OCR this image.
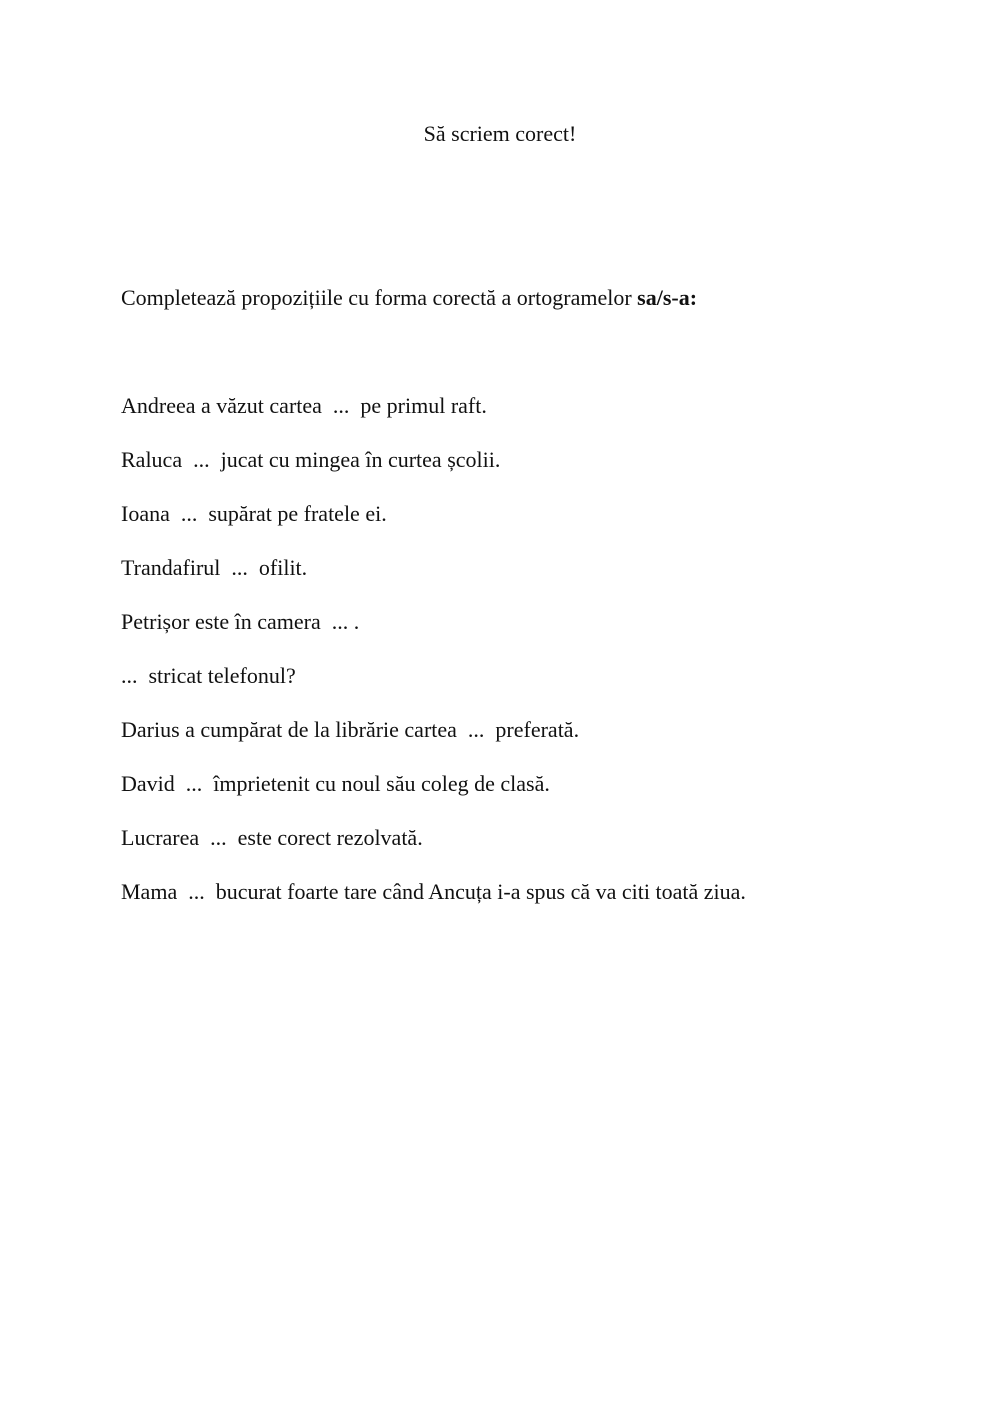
Să scriem corect!

Completează propozițiile cu forma corectă a ortogramelor sa/s-a:

Andreea a văzut cartea  ...  pe primul raft.
Raluca  ...  jucat cu mingea în curtea școlii.
Ioana  ...  supărat pe fratele ei.
Trandafirul  ...  ofilit.
Petrișor este în camera  ... .
...  stricat telefonul?
Darius a cumpărat de la librărie cartea  ...  preferată.
David  ...  împrietenit cu noul său coleg de clasă.
Lucrarea  ...  este corect rezolvată.
Mama  ...  bucurat foarte tare când Ancuța i-a spus că va citi toată ziua.
